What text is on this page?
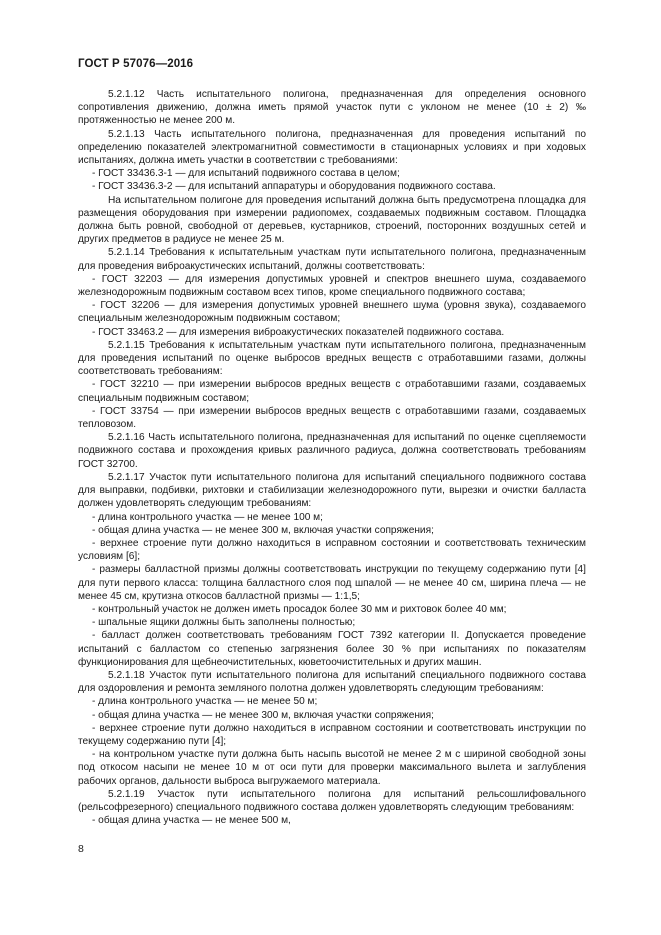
ГОСТ Р 57076—2016

5.2.1.12 Часть испытательного полигона, предназначенная для определения основного сопротивления движению, должна иметь прямой участок пути с уклоном не менее (10 ± 2) ‰ протяженностью не менее 200 м.

5.2.1.13 Часть испытательного полигона, предназначенная для проведения испытаний по определению показателей электромагнитной совместимости в стационарных условиях и при ходовых испытаниях, должна иметь участки в соответствии с требованиями:

- ГОСТ 33436.3-1 — для испытаний подвижного состава в целом;

- ГОСТ 33436.3-2 — для испытаний аппаратуры и оборудования подвижного состава.

На испытательном полигоне для проведения испытаний должна быть предусмотрена площадка для размещения оборудования при измерении радиопомех, создаваемых подвижным составом. Площадка должна быть ровной, свободной от деревьев, кустарников, строений, посторонних воздушных сетей и других предметов в радиусе не менее 25 м.

5.2.1.14 Требования к испытательным участкам пути испытательного полигона, предназначенным для проведения виброакустических испытаний, должны соответствовать:

- ГОСТ 32203 — для измерения допустимых уровней и спектров внешнего шума, создаваемого железнодорожным подвижным составом всех типов, кроме специального подвижного состава;

- ГОСТ 32206 — для измерения допустимых уровней внешнего шума (уровня звука), создаваемого специальным железнодорожным подвижным составом;

- ГОСТ 33463.2 — для измерения виброакустических показателей подвижного состава.

5.2.1.15 Требования к испытательным участкам пути испытательного полигона, предназначенным для проведения испытаний по оценке выбросов вредных веществ с отработавшими газами, должны соответствовать требованиям:

- ГОСТ 32210 — при измерении выбросов вредных веществ с отработавшими газами, создаваемых специальным подвижным составом;

- ГОСТ 33754 — при измерении выбросов вредных веществ с отработавшими газами, создаваемых тепловозом.

5.2.1.16 Часть испытательного полигона, предназначенная для испытаний по оценке сцепляемости подвижного состава и прохождения кривых различного радиуса, должна соответствовать требованиям ГОСТ 32700.

5.2.1.17 Участок пути испытательного полигона для испытаний специального подвижного состава для выправки, подбивки, рихтовки и стабилизации железнодорожного пути, вырезки и очистки балласта должен удовлетворять следующим требованиям:

- длина контрольного участка — не менее 100 м;

- общая длина участка — не менее 300 м, включая участки сопряжения;

- верхнее строение пути должно находиться в исправном состоянии и соответствовать техническим условиям [6];

- размеры балластной призмы должны соответствовать инструкции по текущему содержанию пути [4] для пути первого класса: толщина балластного слоя под шпалой — не менее 40 см, ширина плеча — не менее 45 см, крутизна откосов балластной призмы — 1:1,5;

- контрольный участок не должен иметь просадок более 30 мм и рихтовок более 40 мм;

- шпальные ящики должны быть заполнены полностью;

- балласт должен соответствовать требованиям ГОСТ 7392 категории II. Допускается проведение испытаний с балластом со степенью загрязнения более 30 % при испытаниях по показателям функционирования для щебнеочистительных, кюветоочистительных и других машин.

5.2.1.18 Участок пути испытательного полигона для испытаний специального подвижного состава для оздоровления и ремонта земляного полотна должен удовлетворять следующим требованиям:

- длина контрольного участка — не менее 50 м;

- общая длина участка — не менее 300 м, включая участки сопряжения;

- верхнее строение пути должно находиться в исправном состоянии и соответствовать инструкции по текущему содержанию пути [4];

- на контрольном участке пути должна быть насыпь высотой не менее 2 м с шириной свободной зоны под откосом насыпи не менее 10 м от оси пути для проверки максимального вылета и заглубления рабочих органов, дальности выброса выгружаемого материала.

5.2.1.19 Участок пути испытательного полигона для испытаний рельсошлифовального (рельсофрезерного) специального подвижного состава должен удовлетворять следующим требованиям:

- общая длина участка — не менее 500 м,

8
